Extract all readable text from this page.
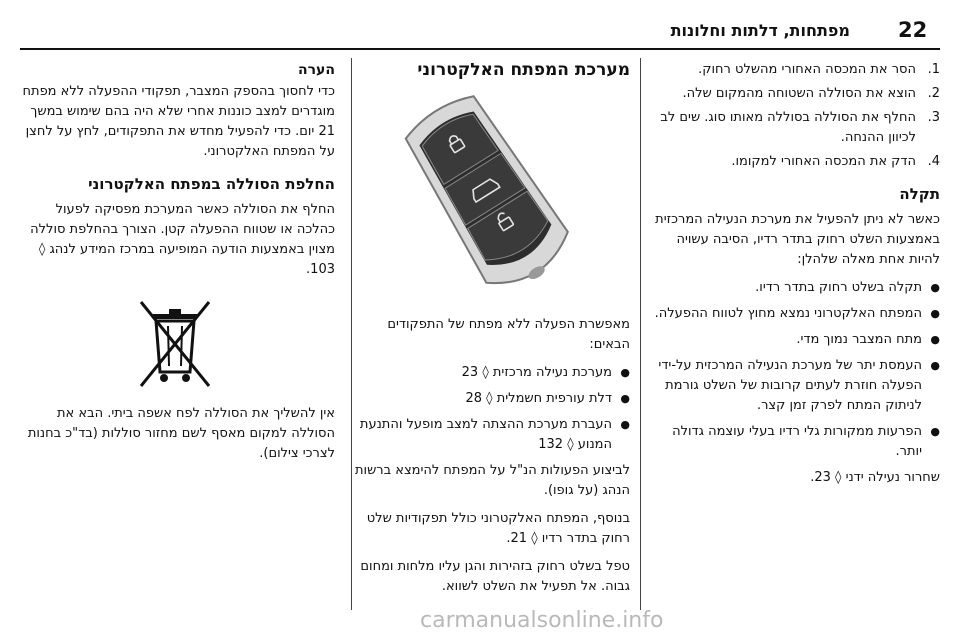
22
מפתחות, דלתות וחלונות
1.
הסר את המכסה האחורי מהשלט רחוק.
2.
הוצא את הסוללה השטוחה מהמקום שלה.
3.
החלף את הסוללה בסוללה מאותו סוג. שים לב לכיוון ההנחה.
4.
הדק את המכסה האחורי למקומו.
תקלה

כאשר לא ניתן להפעיל את מערכת הנעילה המרכזית באמצעות השלט רחוק בתדר רדיו, הסיבה עשויה להיות אחת מאלה שלהלן:

●
תקלה בשלט רחוק בתדר רדיו.
●
המפתח האלקטרוני נמצא מחוץ לטווח ההפעלה.
●
מתח המצבר נמוך מדי.
●
העמסת יתר של מערכת הנעילה המרכזית על-ידי הפעלה חוזרת לעתים קרובות של השלט גורמת לניתוק המתח לפרק זמן קצר.
●
הפרעות ממקורות גלי רדיו בעלי עוצמה גדולה יותר.

שחרור נעילה ידני ◊ 23.

מערכת המפתח האלקטרוני

מאפשרת הפעלה ללא מפתח של התפקודים הבאים:

●
מערכת נעילה מרכזית ◊ 23
●
דלת עורפית חשמלית ◊ 28
●
העברת מערכת ההצתה למצב מופעל והתנעת המנוע ◊ 132

לביצוע הפעולות הנ"ל על המפתח להימצא ברשות הנהג (על גופו).

בנוסף, המפתח האלקטרוני כולל תפקודיות שלט רחוק בתדר רדיו ◊ 21.

טפל בשלט רחוק בזהירות והגן עליו מלחות ומחום גבוה. אל תפעיל את השלט לשווא.

הערה

כדי לחסוך בהספק המצבר, תפקודי ההפעלה ללא מפתח מוגדרים למצב כוננות אחרי שלא היה בהם שימוש במשך 21 יום. כדי להפעיל מחדש את התפקודים, לחץ על לחצן על המפתח האלקטרוני.

החלפת הסוללה במפתח האלקטרוני

החלף את הסוללה כאשר המערכת מפסיקה לפעול כהלכה או שטווח ההפעלה קטן. הצורך בהחלפת סוללה מצוין באמצעות הודעה המופיעה במרכז המידע לנהג ◊ 103.

אין להשליך את הסוללה לפח אשפה ביתי. הבא את הסוללה למקום מאסף לשם מחזור סוללות (בד"כ בחנות לצרכי צילום).

carmanualsonline.info
